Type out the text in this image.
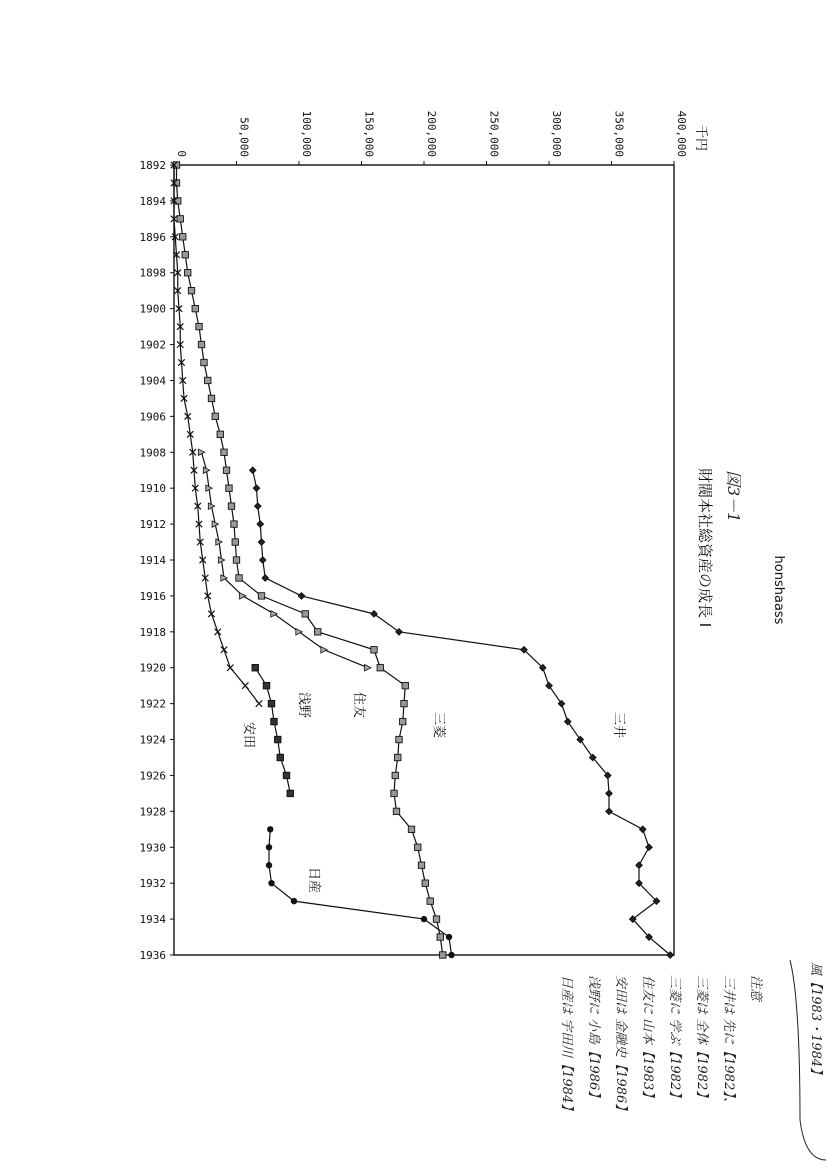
honshaass
図3－1
財閥本社総資産の成長 I
千円
1892
1894
1896
1898
1900
1902
1904
1906
1908
1910
1912
1914
1916
1918
1920
1922
1924
1926
1928
1930
1932
1934
1936
0	50,000	100,000	150,000	200,000	250,000	300,000	350,000	400,000
三井
三菱
住友
浅野
安田
日産
風【1983・1984】
注意
三井は 先に【1982】、
三菱は 全体【1982】
三菱に 学ぶ【1982】
住友に 山本【1983】
安田は 金融史【1986】
浅野に 小島【1986】
日産は 宇田川【1984】
